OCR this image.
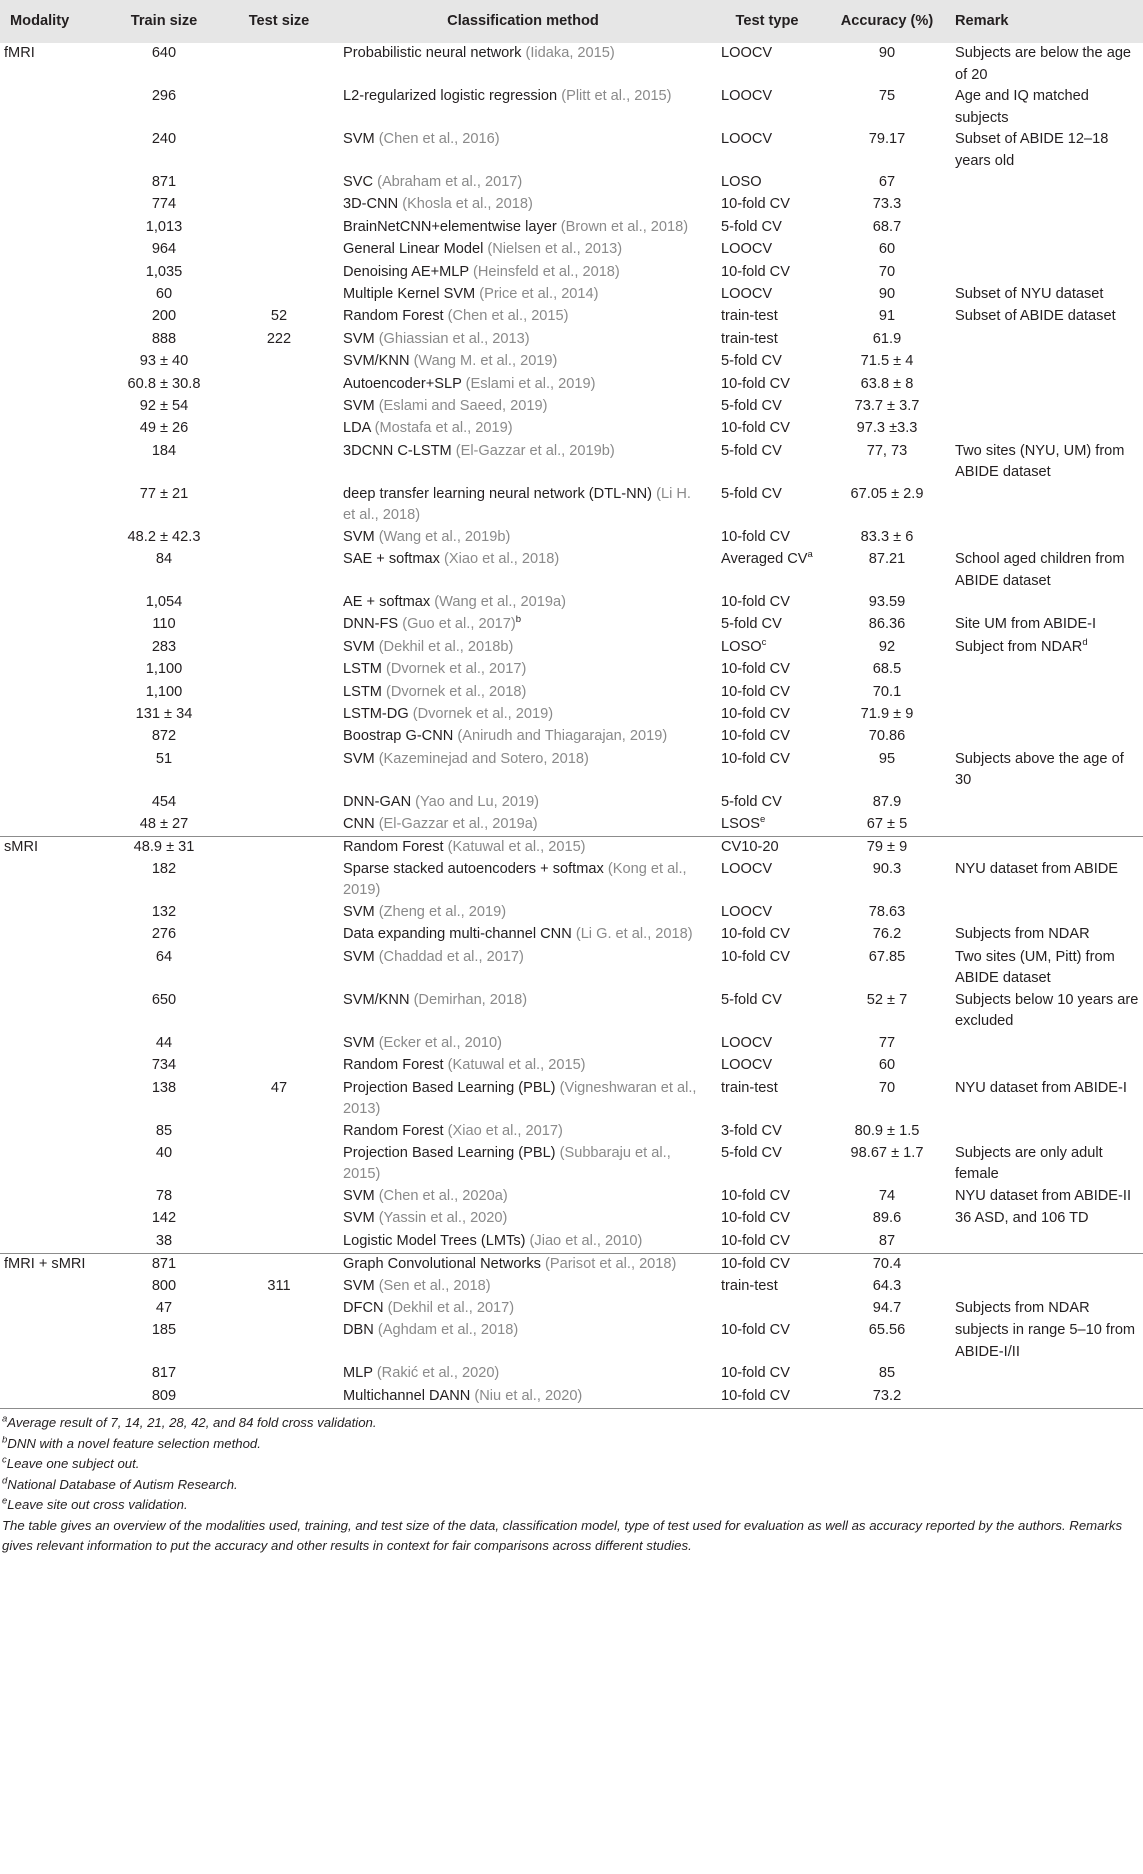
Modality	Train size	Test size	Classification method	Test type	Accuracy (%)	Remark
fMRI	640		Probabilistic neural network (Iidaka, 2015)	LOOCV	90	Subjects are below the age of 20
	296		L2-regularized logistic regression (Plitt et al., 2015)	LOOCV	75	Age and IQ matched subjects
	240		SVM (Chen et al., 2016)	LOOCV	79.17	Subset of ABIDE 12–18 years old
	871		SVC (Abraham et al., 2017)	LOSO	67	
	774		3D-CNN (Khosla et al., 2018)	10-fold CV	73.3	
	1,013		BrainNetCNN+elementwise layer (Brown et al., 2018)	5-fold CV	68.7	
	964		General Linear Model (Nielsen et al., 2013)	LOOCV	60	
	1,035		Denoising AE+MLP (Heinsfeld et al., 2018)	10-fold CV	70	
	60		Multiple Kernel SVM (Price et al., 2014)	LOOCV	90	Subset of NYU dataset
	200	52	Random Forest (Chen et al., 2015)	train-test	91	Subset of ABIDE dataset
	888	222	SVM (Ghiassian et al., 2013)	train-test	61.9	
	93 ± 40		SVM/KNN (Wang M. et al., 2019)	5-fold CV	71.5 ± 4	
	60.8 ± 30.8		Autoencoder+SLP (Eslami et al., 2019)	10-fold CV	63.8 ± 8	
	92 ± 54		SVM (Eslami and Saeed, 2019)	5-fold CV	73.7 ± 3.7	
	49 ± 26		LDA (Mostafa et al., 2019)	10-fold CV	97.3 ±3.3	
	184		3DCNN C-LSTM (El-Gazzar et al., 2019b)	5-fold CV	77, 73	Two sites (NYU, UM) from ABIDE dataset
	77 ± 21		deep transfer learning neural network (DTL-NN) (Li H. et al., 2018)	5-fold CV	67.05 ± 2.9	
	48.2 ± 42.3		SVM (Wang et al., 2019b)	10-fold CV	83.3 ± 6	
	84		SAE + softmax (Xiao et al., 2018)	Averaged $CV^a$	87.21	School aged children from ABIDE dataset
	1,054		AE + softmax (Wang et al., 2019a)	10-fold CV	93.59	
	110		DNN-FS (Guo et al., 2017)$^b$	5-fold CV	86.36	Site UM from ABIDE-I
	283		SVM (Dekhil et al., 2018b)	LOSO$^c$	92	Subject from NDAR$^d$
	1,100		LSTM (Dvornek et al., 2017)	10-fold CV	68.5	
	1,100		LSTM (Dvornek et al., 2018)	10-fold CV	70.1	
	131 ± 34		LSTM-DG (Dvornek et al., 2019)	10-fold CV	71.9 ± 9	
	872		Boostrap G-CNN (Anirudh and Thiagarajan, 2019)	10-fold CV	70.86	
	51		SVM (Kazeminejad and Sotero, 2018)	10-fold CV	95	Subjects above the age of 30
	454		DNN-GAN (Yao and Lu, 2019)	5-fold CV	87.9	
	48 ± 27		CNN (El-Gazzar et al., 2019a)	LSOS$^e$	67 ± 5	
sMRI	48.9 ± 31		Random Forest (Katuwal et al., 2015)	CV10-20	79 ± 9	
	182		Sparse stacked autoencoders + softmax (Kong et al., 2019)	LOOCV	90.3	NYU dataset from ABIDE
	132		SVM (Zheng et al., 2019)	LOOCV	78.63	
	276		Data expanding multi-channel CNN (Li G. et al., 2018)	10-fold CV	76.2	Subjects from NDAR
	64		SVM (Chaddad et al., 2017)	10-fold CV	67.85	Two sites (UM, Pitt) from ABIDE dataset
	650		SVM/KNN (Demirhan, 2018)	5-fold CV	52 ± 7	Subjects below 10 years are excluded
	44		SVM (Ecker et al., 2010)	LOOCV	77	
	734		Random Forest (Katuwal et al., 2015)	LOOCV	60	
	138	47	Projection Based Learning (PBL) (Vigneshwaran et al., 2013)	train-test	70	NYU dataset from ABIDE-I
	85		Random Forest (Xiao et al., 2017)	3-fold CV	80.9 ± 1.5	
	40		Projection Based Learning (PBL) (Subbaraju et al., 2015)	5-fold CV	98.67 ± 1.7	Subjects are only adult female
	78		SVM (Chen et al., 2020a)	10-fold CV	74	NYU dataset from ABIDE-II
	142		SVM (Yassin et al., 2020)	10-fold CV	89.6	36 ASD, and 106 TD
	38		Logistic Model Trees (LMTs) (Jiao et al., 2010)	10-fold CV	87	
fMRI + sMRI	871		Graph Convolutional Networks (Parisot et al., 2018)	10-fold CV	70.4	
	800	311	SVM (Sen et al., 2018)	train-test	64.3	
	47		DFCN (Dekhil et al., 2017)		94.7	Subjects from NDAR
	185		DBN (Aghdam et al., 2018)	10-fold CV	65.56	subjects in range 5–10 from ABIDE-I/II
	817		MLP (Rakić et al., 2020)	10-fold CV	85	
	809		Multichannel DANN (Niu et al., 2020)	10-fold CV	73.2	
$^a$Average result of 7, 14, 21, 28, 42, and 84 fold cross validation.
$^b$DNN with a novel feature selection method.
$^c$Leave one subject out.
$^d$National Database of Autism Research.
$^e$Leave site out cross validation.
The table gives an overview of the modalities used, training, and test size of the data, classification model, type of test used for evaluation as well as accuracy reported by the authors. Remarks gives relevant information to put the accuracy and other results in context for fair comparisons across different studies.
